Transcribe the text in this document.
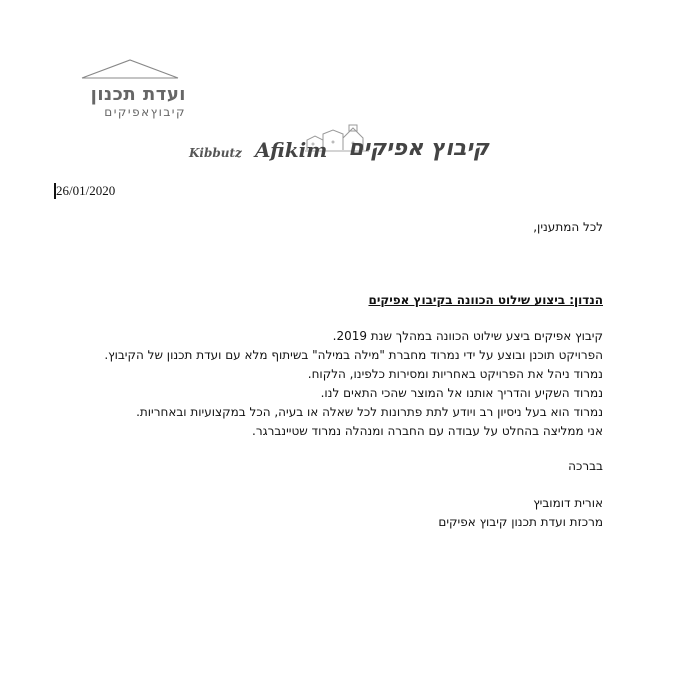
ועדת תכנון
קיבוץאפיקים
Kibbutz Afikim קיבוץ אפיקים
26/01/2020
לכל המתענין,
הנדון: ביצוע שילוט הכוונה בקיבוץ אפיקים
קיבוץ אפיקים ביצע שילוט הכוונה במהלך שנת 2019.
הפרויקט תוכנן ובוצע על ידי נמרוד מחברת "מילה במילה" בשיתוף מלא עם ועדת תכנון של הקיבוץ.
נמרוד ניהל את הפרויקט באחריות ומסירות כלפינו, הלקוח.
נמרוד השקיע והדריך אותנו אל המוצר שהכי התאים לנו.
נמרוד הוא בעל ניסיון רב ויודע לתת פתרונות לכל שאלה או בעיה, הכל במקצועיות ובאחריות.
אני ממליצה בהחלט על עבודה עם החברה ומנהלה נמרוד שטיינברגר.
בברכה
אורית דומוביץ
מרכזת ועדת תכנון קיבוץ אפיקים
